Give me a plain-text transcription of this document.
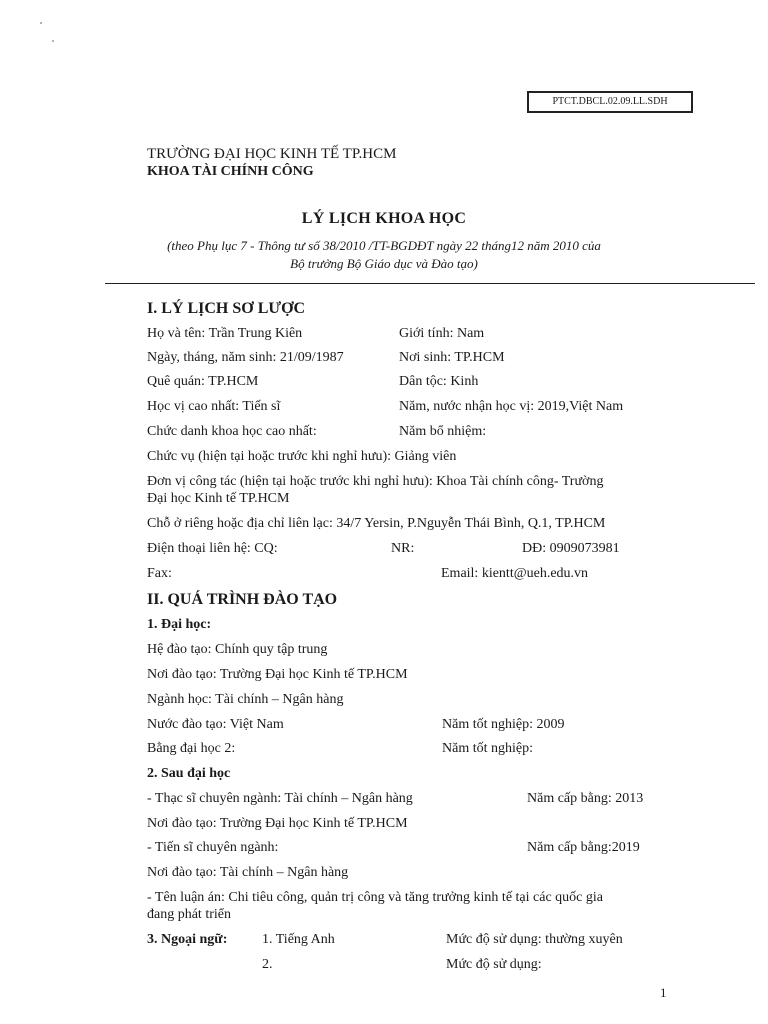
PTCT.DBCL.02.09.LL.SDH
TRƯỜNG ĐẠI HỌC KINH TẾ TP.HCM
KHOA TÀI CHÍNH CÔNG
LÝ LỊCH KHOA HỌC
(theo Phụ lục 7 - Thông tư số 38/2010 /TT-BGDĐT ngày 22 tháng12 năm 2010 của
Bộ trưởng Bộ Giáo dục và Đào tạo)
I. LÝ LỊCH SƠ LƯỢC
Họ và tên: Trần Trung Kiên	Giới tính: Nam
Ngày, tháng, năm sinh: 21/09/1987	Nơi sinh: TP.HCM
Quê quán: TP.HCM	Dân tộc: Kinh
Học vị cao nhất: Tiến sĩ	Năm, nước nhận học vị: 2019,Việt Nam
Chức danh khoa học cao nhất:	Năm bổ nhiệm:
Chức vụ (hiện tại hoặc trước khi nghỉ hưu): Giảng viên
Đơn vị công tác (hiện tại hoặc trước khi nghỉ hưu): Khoa Tài chính công- Trường
Đại học Kinh tế TP.HCM
Chỗ ở riêng hoặc địa chỉ liên lạc: 34/7 Yersin, P.Nguyễn Thái Bình, Q.1, TP.HCM
Điện thoại liên hệ: CQ:	NR:	DĐ: 0909073981
Fax:	Email: kientt@ueh.edu.vn
II. QUÁ TRÌNH ĐÀO TẠO
1. Đại học:
Hệ đào tạo: Chính quy tập trung
Nơi đào tạo: Trường Đại học Kinh tế TP.HCM
Ngành học: Tài chính – Ngân hàng
Nước đào tạo: Việt Nam	Năm tốt nghiệp: 2009
Bằng đại học 2:	Năm tốt nghiệp:
2. Sau đại học
- Thạc sĩ chuyên ngành: Tài chính – Ngân hàng	Năm cấp bằng: 2013
Nơi đào tạo: Trường Đại học Kinh tế TP.HCM
- Tiến sĩ chuyên ngành:	Năm cấp bằng:2019
Nơi đào tạo: Tài chính – Ngân hàng
- Tên luận án: Chi tiêu công, quản trị công và tăng trưởng kinh tế tại các quốc gia
đang phát triển
3. Ngoại ngữ: 1. Tiếng Anh	Mức độ sử dụng: thường xuyên
2.	Mức độ sử dụng:
1
